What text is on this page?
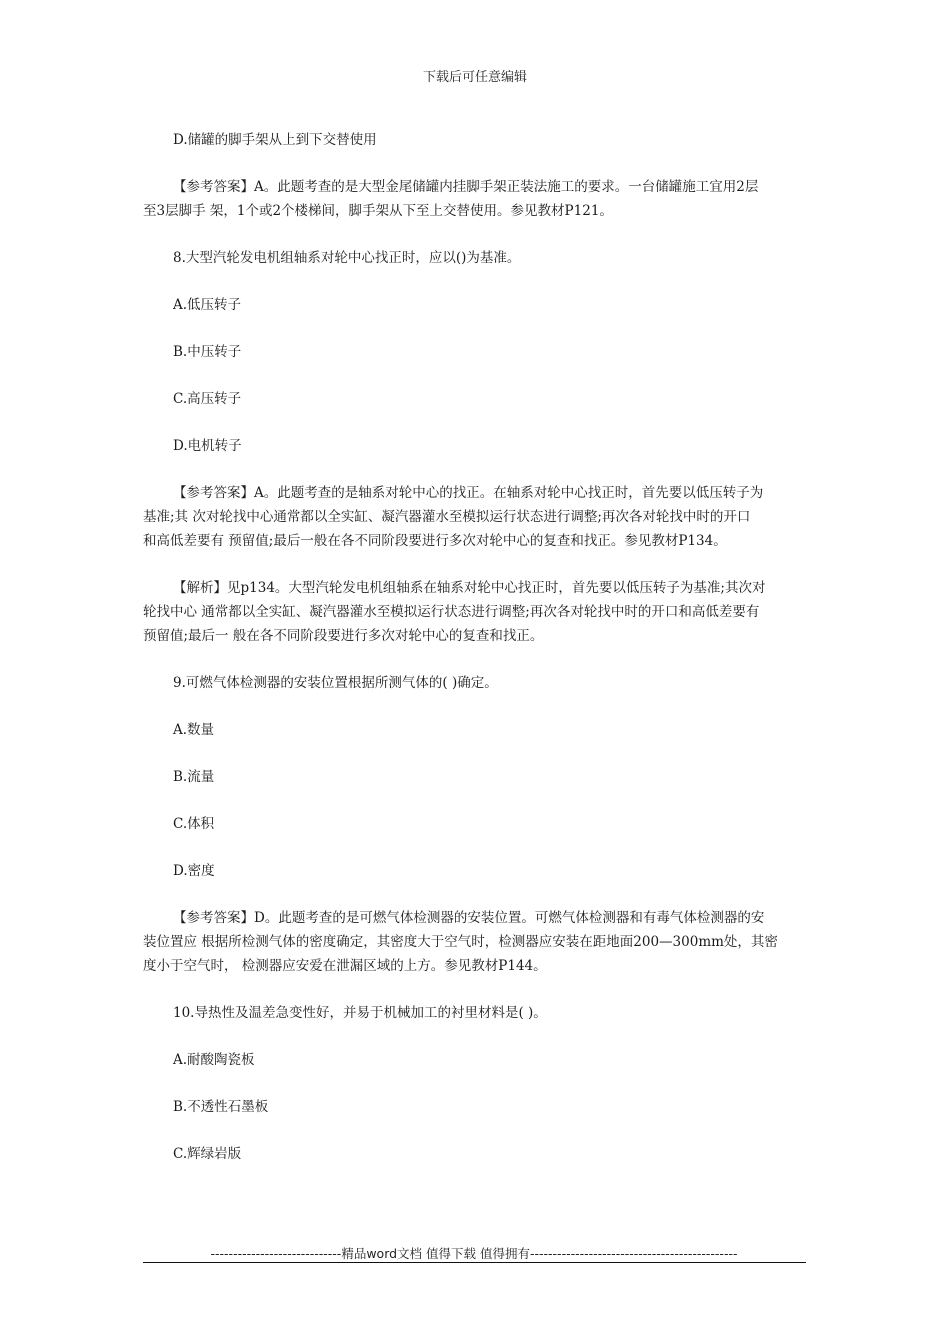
下载后可任意编辑
D.储罐的脚手架从上到下交替使用
【参考答案】A。此题考查的是大型金尾储罐内挂脚手架正装法施工的要求。一台储罐施工宜用2层
至3层脚手 架，1个或2个楼梯间，脚手架从下至上交替使用。参见教材P121。
8.大型汽轮发电机组轴系对轮中心找正时，应以()为基准。
A.低压转子
B.中压转子
C.高压转子
D.电机转子
【参考答案】A。此题考查的是轴系对轮中心的找正。在轴系对轮中心找正时，首先要以低压转子为
基准;其 次对轮找中心通常都以全实缸、凝汽器灌水至模拟运行状态进行调整;再次各对轮找中时的开口
和高低差要有 预留值;最后一般在各不同阶段要进行多次对轮中心的复查和找正。参见教材P134。
【解析】见p134。大型汽轮发电机组轴系在轴系对轮中心找正时，首先要以低压转子为基准;其次对
轮找中心 通常都以全实缸、凝汽器灌水至模拟运行状态进行调整;再次各对轮找中时的开口和高低差要有
预留值;最后一 般在各不同阶段要进行多次对轮中心的复查和找正。
9.可燃气体检测器的安装位置根据所测气体的( )确定。
A.数量
B.流量
C.体积
D.密度
【参考答案】D。此题考查的是可燃气体检测器的安装位置。可燃气体检测器和有毒气体检测器的安
装位置应 根据所检测气体的密度确定，其密度大于空气时，检测器应安装在距地面200—300mm处，其密
度小于空气时， 检测器应安爱在泄漏区域的上方。参见教材P144。
10.导热性及温差急变性好，并易于机械加工的衬里材料是( )。
A.耐酸陶瓷板
B.不透性石墨板
C.辉绿岩版
-----------------------------精品word文档 值得下载 值得拥有----------------------------------------------
